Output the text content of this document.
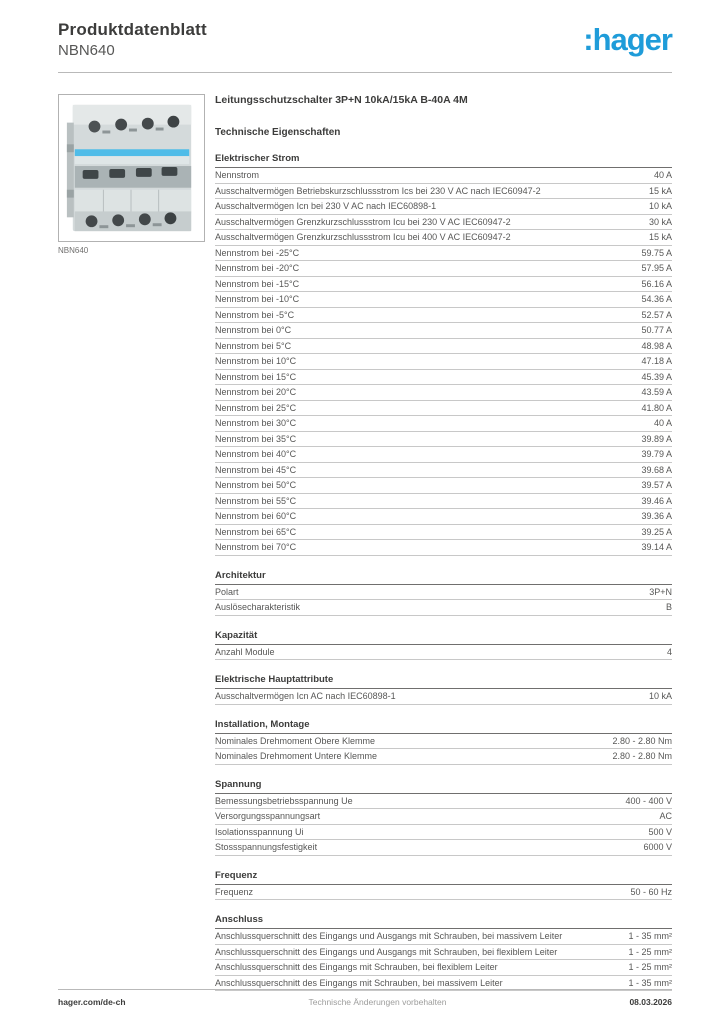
Produktdatenblatt
NBN640	:hager
NBN640
Leitungsschutzschalter 3P+N 10kA/15kA B-40A 4M
Technische Eigenschaften
Elektrischer Strom
Nennstrom	40 A
Ausschaltvermögen Betriebskurzschlussstrom Ics bei 230 V AC nach IEC60947-2	15 kA
Ausschaltvermögen Icn bei 230 V AC nach IEC60898-1	10 kA
Ausschaltvermögen Grenzkurzschlussstrom Icu bei 230 V AC IEC60947-2	30 kA
Ausschaltvermögen Grenzkurzschlussstrom Icu bei 400 V AC IEC60947-2	15 kA
Nennstrom bei -25°C	59.75 A
Nennstrom bei -20°C	57.95 A
Nennstrom bei -15°C	56.16 A
Nennstrom bei -10°C	54.36 A
Nennstrom bei -5°C	52.57 A
Nennstrom bei 0°C	50.77 A
Nennstrom bei 5°C	48.98 A
Nennstrom bei 10°C	47.18 A
Nennstrom bei 15°C	45.39 A
Nennstrom bei 20°C	43.59 A
Nennstrom bei 25°C	41.80 A
Nennstrom bei 30°C	40 A
Nennstrom bei 35°C	39.89 A
Nennstrom bei 40°C	39.79 A
Nennstrom bei 45°C	39.68 A
Nennstrom bei 50°C	39.57 A
Nennstrom bei 55°C	39.46 A
Nennstrom bei 60°C	39.36 A
Nennstrom bei 65°C	39.25 A
Nennstrom bei 70°C	39.14 A
Architektur
Polart	3P+N
Auslösecharakteristik	B
Kapazität
Anzahl Module	4
Elektrische Hauptattribute
Ausschaltvermögen Icn AC nach IEC60898-1	10 kA
Installation, Montage
Nominales Drehmoment Obere Klemme	2.80 - 2.80 Nm
Nominales Drehmoment Untere Klemme	2.80 - 2.80 Nm
Spannung
Bemessungsbetriebsspannung Ue	400 - 400 V
Versorgungsspannungsart	AC
Isolationsspannung Ui	500 V
Stossspannungsfestigkeit	6000 V
Frequenz
Frequenz	50 - 60 Hz
Anschluss
Anschlussquerschnitt des Eingangs und Ausgangs mit Schrauben, bei massivem Leiter	1 - 35 mm²
Anschlussquerschnitt des Eingangs und Ausgangs mit Schrauben, bei flexiblem Leiter	1 - 25 mm²
Anschlussquerschnitt des Eingangs mit Schrauben, bei flexiblem Leiter	1 - 25 mm²
Anschlussquerschnitt des Eingangs mit Schrauben, bei massivem Leiter	1 - 35 mm²
hager.com/de-ch	Technische Änderungen vorbehalten	08.03.2026
